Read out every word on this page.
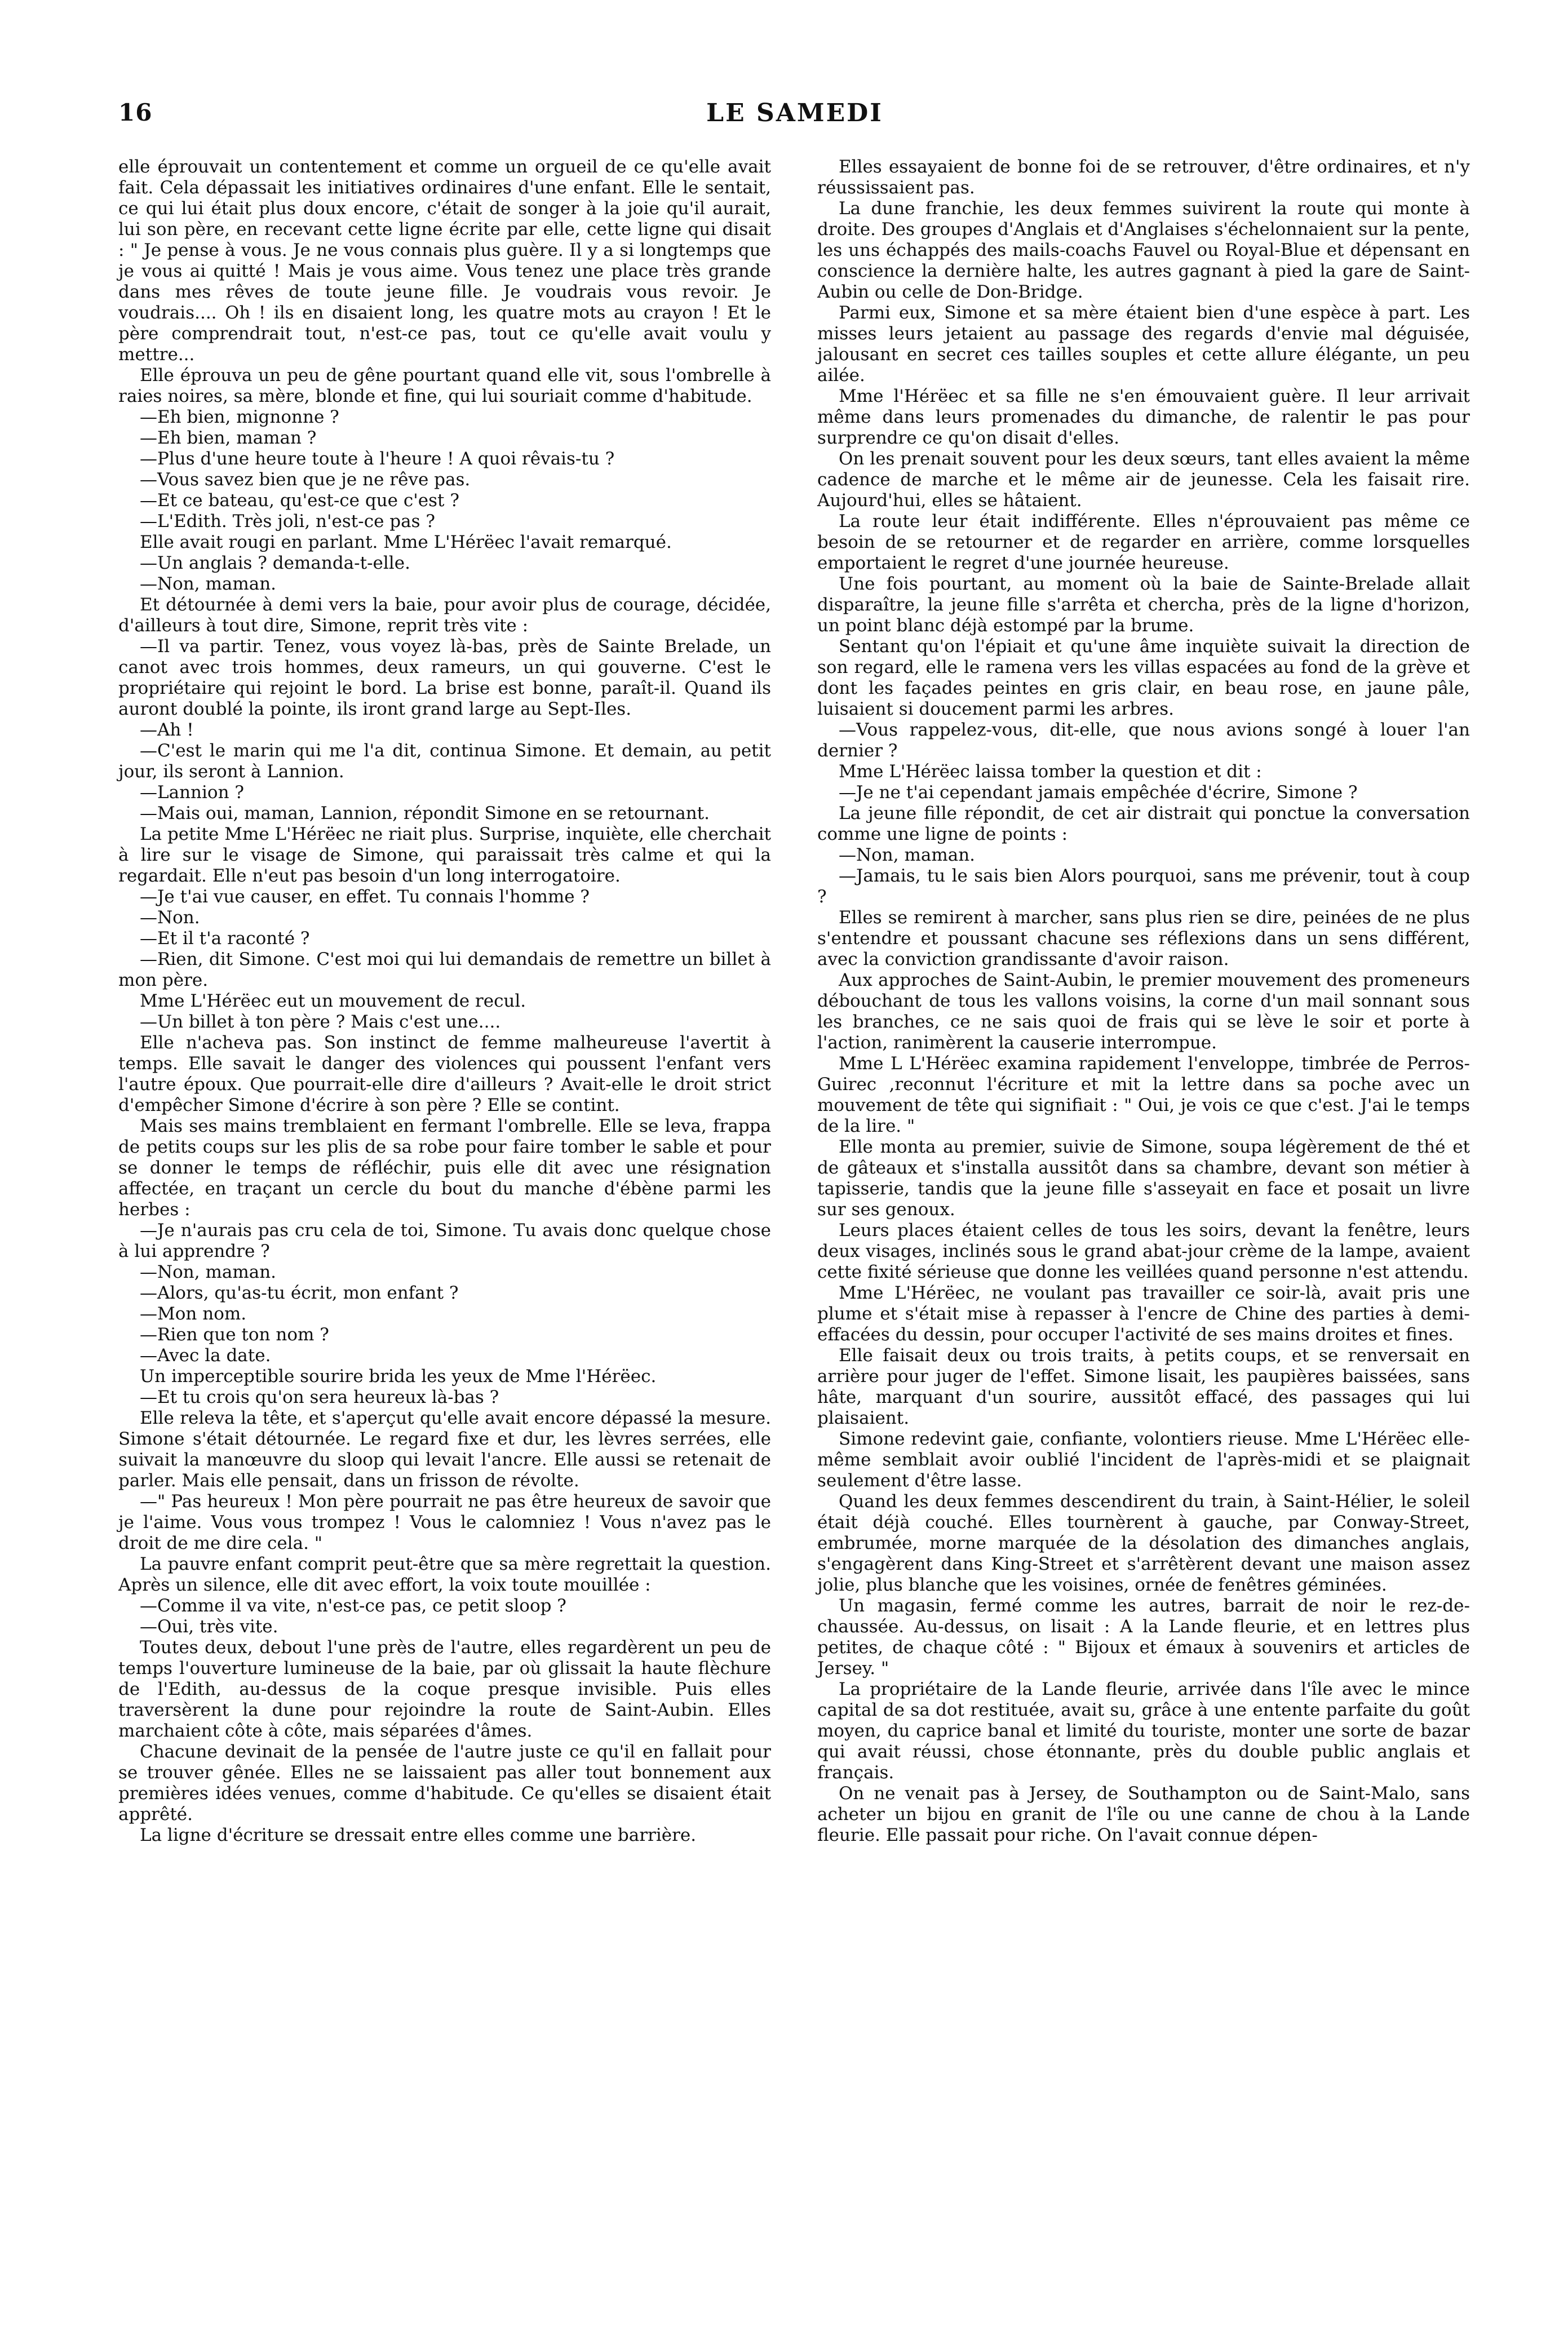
16	LE SAMEDI

elle éprouvait un contentement et comme un orgueil de ce qu'elle avait fait. Cela dépassait les initiatives ordinaires d'une enfant. Elle le sentait, ce qui lui était plus doux encore, c'était de songer à la joie qu'il aurait, lui son père, en recevant cette ligne écrite par elle, cette ligne qui disait : " Je pense à vous. Je ne vous connais plus guère. Il y a si longtemps que je vous ai quitté ! Mais je vous aime. Vous tenez une place très grande dans mes rêves de toute jeune fille. Je voudrais vous revoir. Je voudrais.... Oh ! ils en disaient long, les quatre mots au crayon ! Et le père comprendrait tout, n'est-ce pas, tout ce qu'elle avait voulu y mettre...

Elle éprouva un peu de gêne pourtant quand elle vit, sous l'ombrelle à raies noires, sa mère, blonde et fine, qui lui souriait comme d'habitude.

—Eh bien, mignonne ?

—Eh bien, maman ?

—Plus d'une heure toute à l'heure ! A quoi rêvais-tu ?

—Vous savez bien que je ne rêve pas.

—Et ce bateau, qu'est-ce que c'est ?

—L'Edith. Très joli, n'est-ce pas ?

Elle avait rougi en parlant. Mme L'Hérëec l'avait remarqué.

—Un anglais ? demanda-t-elle.

—Non, maman.

Et détournée à demi vers la baie, pour avoir plus de courage, décidée, d'ailleurs à tout dire, Simone, reprit très vite :

—Il va partir. Tenez, vous voyez là-bas, près de Sainte Brelade, un canot avec trois hommes, deux rameurs, un qui gouverne. C'est le propriétaire qui rejoint le bord. La brise est bonne, paraît-il. Quand ils auront doublé la pointe, ils iront grand large au Sept-Iles.

—Ah !

—C'est le marin qui me l'a dit, continua Simone. Et demain, au petit jour, ils seront à Lannion.

—Lannion ?

—Mais oui, maman, Lannion, répondit Simone en se retournant.

La petite Mme L'Hérëec ne riait plus. Surprise, inquiète, elle cherchait à lire sur le visage de Simone, qui paraissait très calme et qui la regardait. Elle n'eut pas besoin d'un long interrogatoire.

—Je t'ai vue causer, en effet. Tu connais l'homme ?

—Non.

—Et il t'a raconté ?

—Rien, dit Simone. C'est moi qui lui demandais de remettre un billet à mon père.

Mme L'Hérëec eut un mouvement de recul.

—Un billet à ton père ? Mais c'est une....

Elle n'acheva pas. Son instinct de femme malheureuse l'avertit à temps. Elle savait le danger des violences qui poussent l'enfant vers l'autre époux. Que pourrait-elle dire d'ailleurs ? Avait-elle le droit strict d'empêcher Simone d'écrire à son père ? Elle se contint.

Mais ses mains tremblaient en fermant l'ombrelle. Elle se leva, frappa de petits coups sur les plis de sa robe pour faire tomber le sable et pour se donner le temps de réfléchir, puis elle dit avec une résignation affectée, en traçant un cercle du bout du manche d'ébène parmi les herbes :

—Je n'aurais pas cru cela de toi, Simone. Tu avais donc quelque chose à lui apprendre ?

—Non, maman.

—Alors, qu'as-tu écrit, mon enfant ?

—Mon nom.

—Rien que ton nom ?

—Avec la date.

Un imperceptible sourire brida les yeux de Mme l'Hérëec.

—Et tu crois qu'on sera heureux là-bas ?

Elle releva la tête, et s'aperçut qu'elle avait encore dépassé la mesure. Simone s'était détournée. Le regard fixe et dur, les lèvres serrées, elle suivait la manœuvre du sloop qui levait l'ancre. Elle aussi se retenait de parler. Mais elle pensait, dans un frisson de révolte.

—" Pas heureux ! Mon père pourrait ne pas être heureux de savoir que je l'aime. Vous vous trompez ! Vous le calomniez ! Vous n'avez pas le droit de me dire cela. "

La pauvre enfant comprit peut-être que sa mère regrettait la question. Après un silence, elle dit avec effort, la voix toute mouillée :

—Comme il va vite, n'est-ce pas, ce petit sloop ?

—Oui, très vite.

Toutes deux, debout l'une près de l'autre, elles regardèrent un peu de temps l'ouverture lumineuse de la baie, par où glissait la haute flèchure de l'Edith, au-dessus de la coque presque invisible. Puis elles traversèrent la dune pour rejoindre la route de Saint-Aubin. Elles marchaient côte à côte, mais séparées d'âmes.

Chacune devinait de la pensée de l'autre juste ce qu'il en fallait pour se trouver gênée. Elles ne se laissaient pas aller tout bonnement aux premières idées venues, comme d'habitude. Ce qu'elles se disaient était apprêté.

La ligne d'écriture se dressait entre elles comme une barrière.

Elles essayaient de bonne foi de se retrouver, d'être ordinaires, et n'y réussissaient pas.

La dune franchie, les deux femmes suivirent la route qui monte à droite. Des groupes d'Anglais et d'Anglaises s'échelonnaient sur la pente, les uns échappés des mails-coachs Fauvel ou Royal-Blue et dépensant en conscience la dernière halte, les autres gagnant à pied la gare de Saint-Aubin ou celle de Don-Bridge.

Parmi eux, Simone et sa mère étaient bien d'une espèce à part. Les misses leurs jetaient au passage des regards d'envie mal déguisée, jalousant en secret ces tailles souples et cette allure élégante, un peu ailée.

Mme l'Hérëec et sa fille ne s'en émouvaient guère. Il leur arrivait même dans leurs promenades du dimanche, de ralentir le pas pour surprendre ce qu'on disait d'elles.

On les prenait souvent pour les deux sœurs, tant elles avaient la même cadence de marche et le même air de jeunesse. Cela les faisait rire. Aujourd'hui, elles se hâtaient.

La route leur était indifférente. Elles n'éprouvaient pas même ce besoin de se retourner et de regarder en arrière, comme lorsquelles emportaient le regret d'une journée heureuse.

Une fois pourtant, au moment où la baie de Sainte-Brelade allait disparaître, la jeune fille s'arrêta et chercha, près de la ligne d'horizon, un point blanc déjà estompé par la brume.

Sentant qu'on l'épiait et qu'une âme inquiète suivait la direction de son regard, elle le ramena vers les villas espacées au fond de la grève et dont les façades peintes en gris clair, en beau rose, en jaune pâle, luisaient si doucement parmi les arbres.

—Vous rappelez-vous, dit-elle, que nous avions songé à louer l'an dernier ?

Mme L'Hérëec laissa tomber la question et dit :

—Je ne t'ai cependant jamais empêchée d'écrire, Simone ?

La jeune fille répondit, de cet air distrait qui ponctue la conversation comme une ligne de points :

—Non, maman.

—Jamais, tu le sais bien Alors pourquoi, sans me prévenir, tout à coup ?

Elles se remirent à marcher, sans plus rien se dire, peinées de ne plus s'entendre et poussant chacune ses réflexions dans un sens différent, avec la conviction grandissante d'avoir raison.

Aux approches de Saint-Aubin, le premier mouvement des promeneurs débouchant de tous les vallons voisins, la corne d'un mail sonnant sous les branches, ce ne sais quoi de frais qui se lève le soir et porte à l'action, ranimèrent la causerie interrompue.

Mme L L'Hérëec examina rapidement l'enveloppe, timbrée de Perros-Guirec ,reconnut l'écriture et mit la lettre dans sa poche avec un mouvement de tête qui signifiait : " Oui, je vois ce que c'est. J'ai le temps de la lire. "

Elle monta au premier, suivie de Simone, soupa légèrement de thé et de gâteaux et s'installa aussitôt dans sa chambre, devant son métier à tapisserie, tandis que la jeune fille s'asseyait en face et posait un livre sur ses genoux.

Leurs places étaient celles de tous les soirs, devant la fenêtre, leurs deux visages, inclinés sous le grand abat-jour crème de la lampe, avaient cette fixité sérieuse que donne les veillées quand personne n'est attendu.

Mme L'Hérëec, ne voulant pas travailler ce soir-là, avait pris une plume et s'était mise à repasser à l'encre de Chine des parties à demi-effacées du dessin, pour occuper l'activité de ses mains droites et fines.

Elle faisait deux ou trois traits, à petits coups, et se renversait en arrière pour juger de l'effet. Simone lisait, les paupières baissées, sans hâte, marquant d'un sourire, aussitôt effacé, des passages qui lui plaisaient.

Simone redevint gaie, confiante, volontiers rieuse. Mme L'Hérëec elle-même semblait avoir oublié l'incident de l'après-midi et se plaignait seulement d'être lasse.

Quand les deux femmes descendirent du train, à Saint-Hélier, le soleil était déjà couché. Elles tournèrent à gauche, par Conway-Street, embrumée, morne marquée de la désolation des dimanches anglais, s'engagèrent dans King-Street et s'arrêtèrent devant une maison assez jolie, plus blanche que les voisines, ornée de fenêtres géminées.

Un magasin, fermé comme les autres, barrait de noir le rez-de-chaussée. Au-dessus, on lisait : A la Lande fleurie, et en lettres plus petites, de chaque côté : " Bijoux et émaux à souvenirs et articles de Jersey. "

La propriétaire de la Lande fleurie, arrivée dans l'île avec le mince capital de sa dot restituée, avait su, grâce à une entente parfaite du goût moyen, du caprice banal et limité du touriste, monter une sorte de bazar qui avait réussi, chose étonnante, près du double public anglais et français.

On ne venait pas à Jersey, de Southampton ou de Saint-Malo, sans acheter un bijou en granit de l'île ou une canne de chou à la Lande fleurie. Elle passait pour riche. On l'avait connue dépen-
